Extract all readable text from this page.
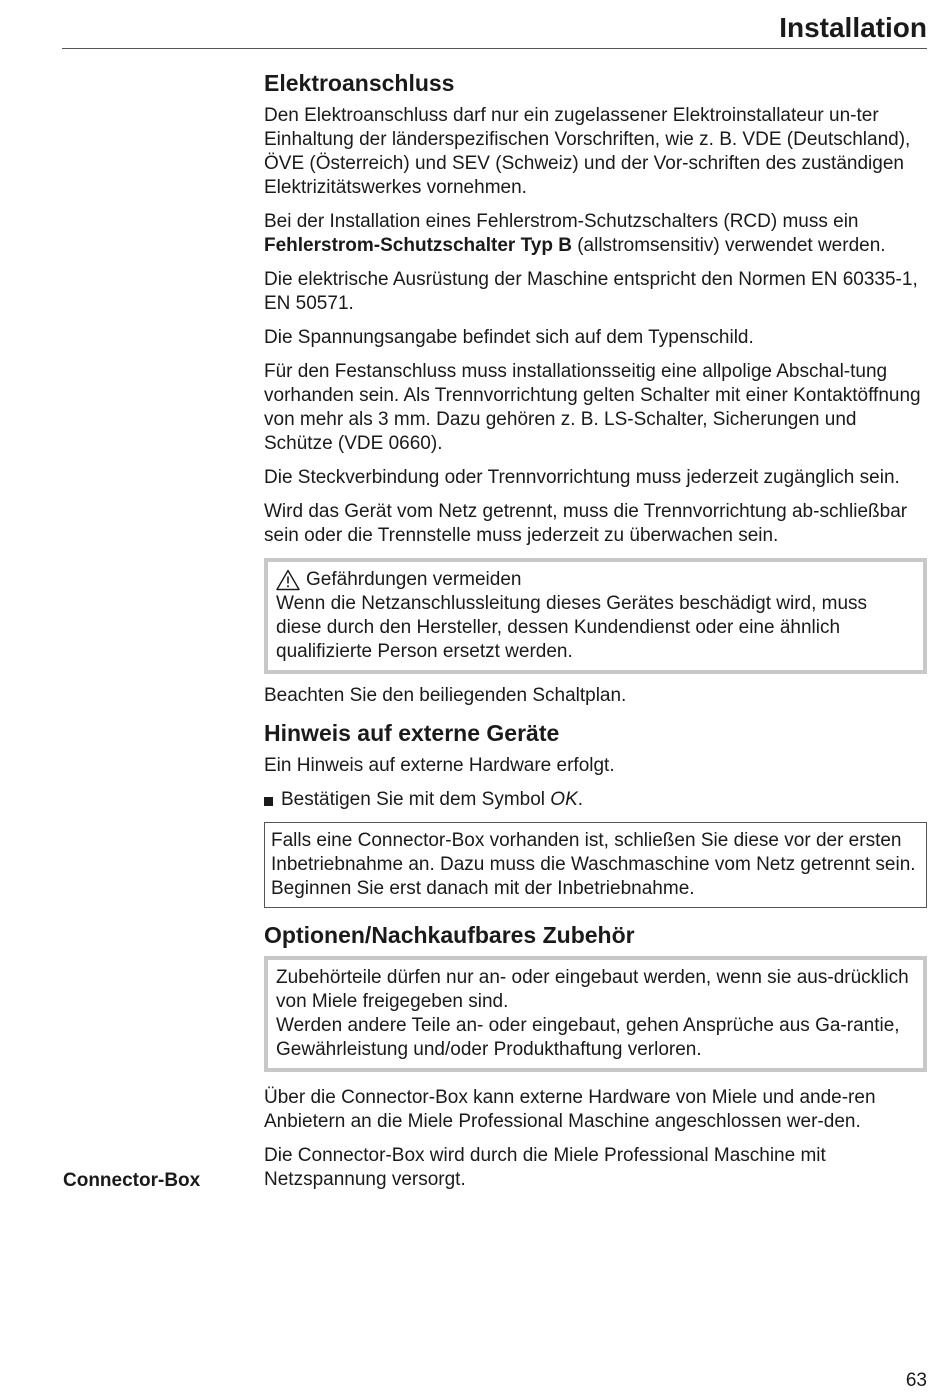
Installation
Elektroanschluss

Den Elektroanschluss darf nur ein zugelassener Elektroinstallateur un-ter Einhaltung der länderspezifischen Vorschriften, wie z. B. VDE (Deutschland), ÖVE (Österreich) und SEV (Schweiz) und der Vor-schriften des zuständigen Elektrizitätswerkes vornehmen.

Bei der Installation eines Fehlerstrom-Schutzschalters (RCD) muss ein Fehlerstrom-Schutzschalter Typ B (allstromsensitiv) verwendet werden.

Die elektrische Ausrüstung der Maschine entspricht den Normen EN 60335-1, EN 50571.

Die Spannungsangabe befindet sich auf dem Typenschild.

Für den Festanschluss muss installationsseitig eine allpolige Abschal-tung vorhanden sein. Als Trennvorrichtung gelten Schalter mit einer Kontaktöffnung von mehr als 3 mm. Dazu gehören z. B. LS-Schalter, Sicherungen und Schütze (VDE 0660).

Die Steckverbindung oder Trennvorrichtung muss jederzeit zugänglich sein.

Wird das Gerät vom Netz getrennt, muss die Trennvorrichtung ab-schließbar sein oder die Trennstelle muss jederzeit zu überwachen sein.

Gefährdungen vermeiden
Wenn die Netzanschlussleitung dieses Gerätes beschädigt wird, muss diese durch den Hersteller, dessen Kundendienst oder eine ähnlich qualifizierte Person ersetzt werden.

Beachten Sie den beiliegenden Schaltplan.

Hinweis auf externe Geräte

Ein Hinweis auf externe Hardware erfolgt.

Bestätigen Sie mit dem Symbol OK.
Falls eine Connector-Box vorhanden ist, schließen Sie diese vor der ersten Inbetriebnahme an. Dazu muss die Waschmaschine vom Netz getrennt sein. Beginnen Sie erst danach mit der Inbetriebnahme.
Optionen/Nachkaufbares Zubehör
Zubehörteile dürfen nur an- oder eingebaut werden, wenn sie aus-drücklich von Miele freigegeben sind.
Werden andere Teile an- oder eingebaut, gehen Ansprüche aus Ga-rantie, Gewährleistung und/oder Produkthaftung verloren.

Über die Connector-Box kann externe Hardware von Miele und ande-ren Anbietern an die Miele Professional Maschine angeschlossen wer-den.

Die Connector-Box wird durch die Miele Professional Maschine mit Netzspannung versorgt.

Connector-Box
63
